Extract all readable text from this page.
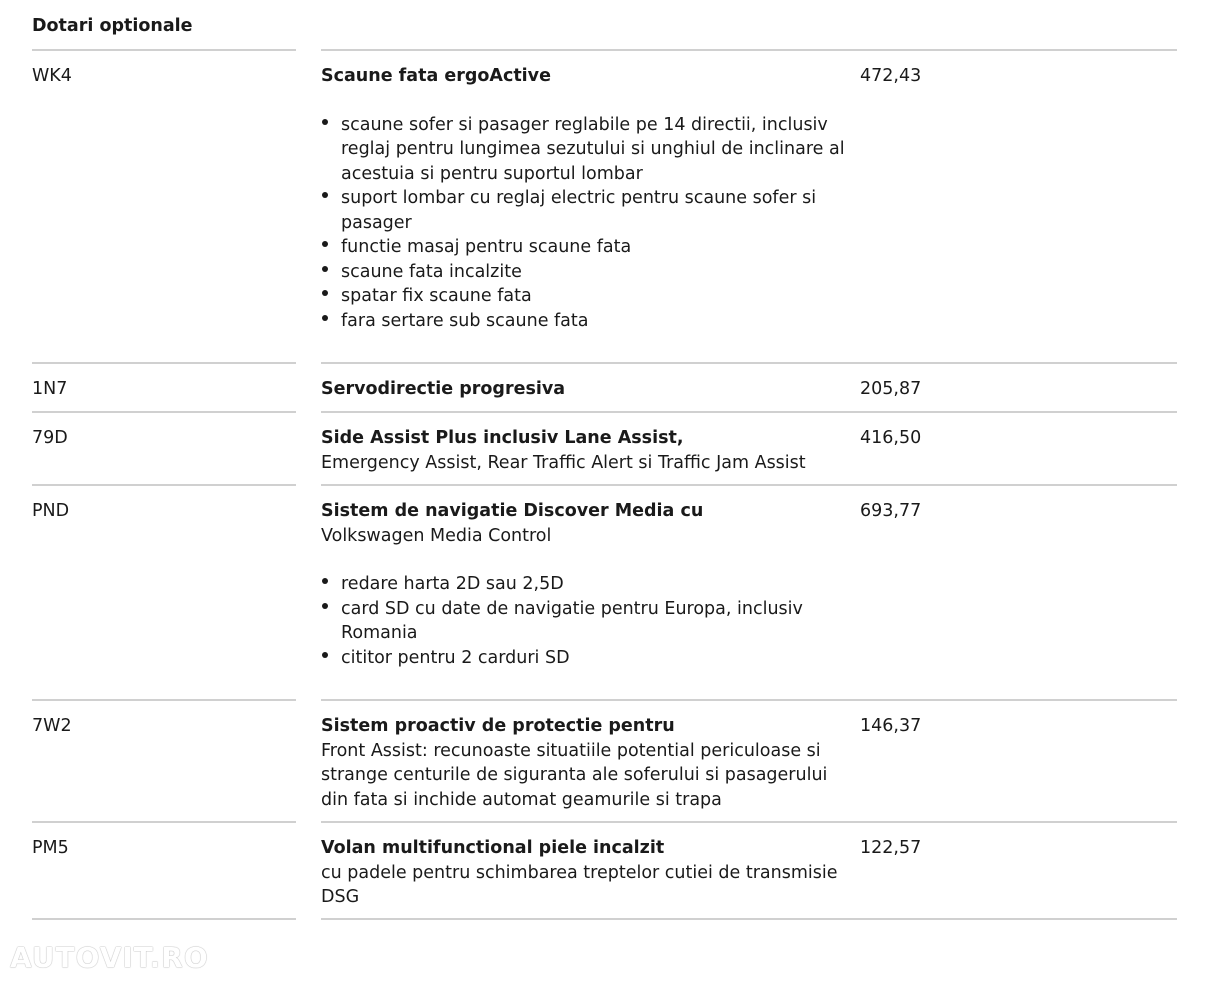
Dotari optionale
WK4	Scaune fata ergoActive
scaune sofer si pasager reglabile pe 14 directii, inclusiv reglaj pentru lungimea sezutului si unghiul de inclinare al acestuia si pentru suportul lombar
suport lombar cu reglaj electric pentru scaune sofer si pasager
functie masaj pentru scaune fata
scaune fata incalzite
spatar fix scaune fata
fara sertare sub scaune fata
472,43
1N7	Servodirectie progresiva	205,87
79D	Side Assist Plus inclusiv Lane Assist,
Emergency Assist, Rear Traffic Alert si Traffic Jam Assist
416,50
PND	Sistem de navigatie Discover Media cu
Volkswagen Media Control
redare harta 2D sau 2,5D
card SD cu date de navigatie pentru Europa, inclusiv Romania
cititor pentru 2 carduri SD
693,77
7W2	Sistem proactiv de protectie pentru
Front Assist: recunoaste situatiile potential periculoase si strange centurile de siguranta ale soferului si pasagerului din fata si inchide automat geamurile si trapa
146,37
PM5	Volan multifunctional piele incalzit
cu padele pentru schimbarea treptelor cutiei de transmisie DSG
122,57
AUTOVIT.RO
